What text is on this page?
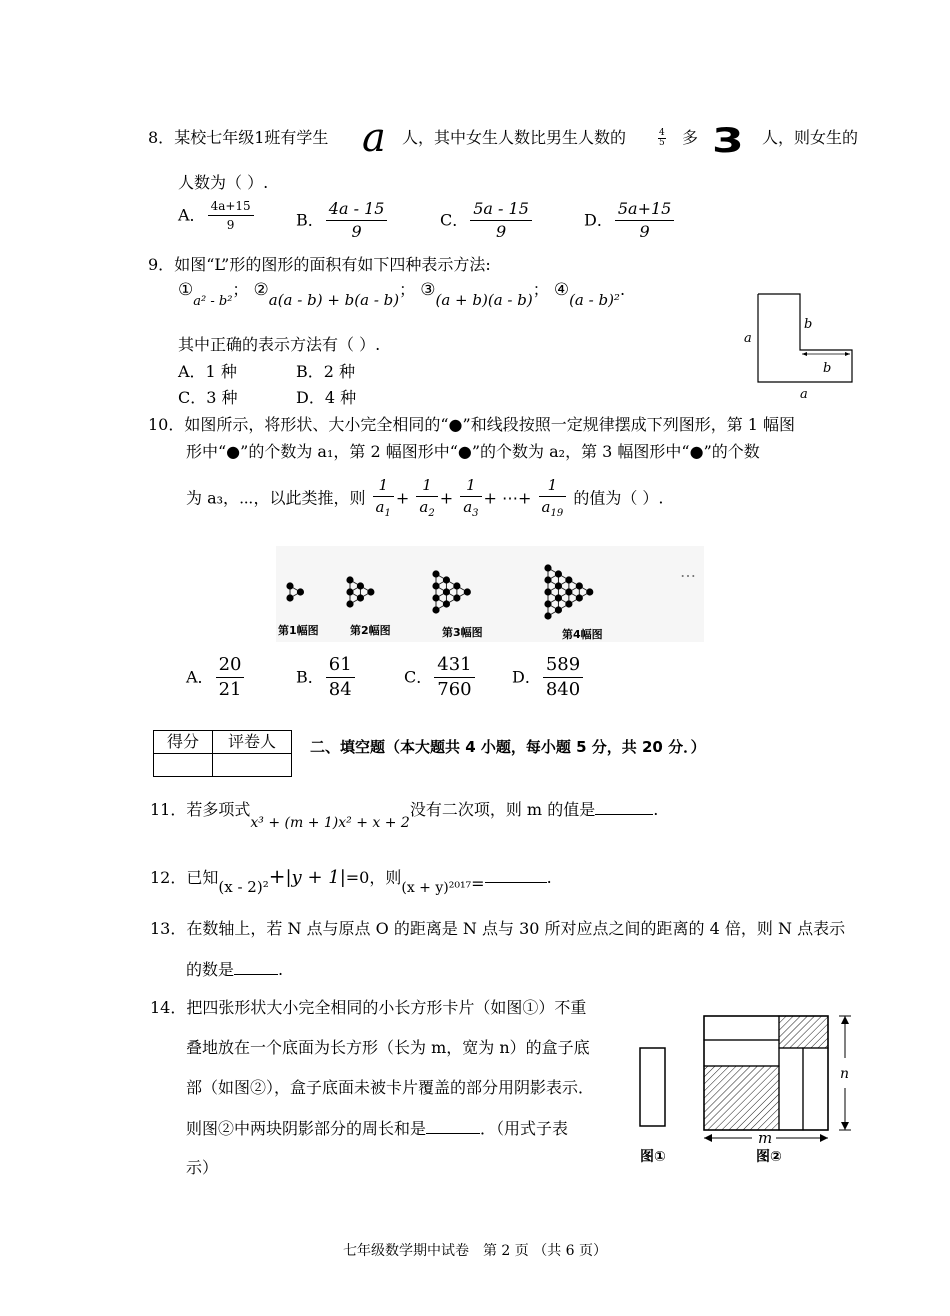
8．某校七年级1班有学生 a 人，其中女生人数比男生人数的	4
5 多 3 人，则女生的
人数为（ ）.
A． $\frac{4a+15}{9}$	B． $\frac{4a - 15}{9}$	C． $\frac{5a - 15}{9}$	D． $\frac{5a+15}{9}$
9．如图“L”形的图形的面积有如下四种表示方法:
$①_{a^2 - b^2}$； ②a(a - b) + b(a - b)； ③(a + b)(a - b)； ④(a - b)².
其中正确的表示方法有（ ）.
A．1 种	B．2 种
C．3 种	D．4 种
a
b
b
a
10．如图所示，将形状、大小完全相同的“●”和线段按照一定规律摆成下列图形，第 1 幅图
形中“●”的个数为 a₁，第 2 幅图形中“●”的个数为 a₂，第 3 幅图形中“●”的个数
为 a₃，⋯，以此类推，则 $\frac{1}{a_1} + \frac{1}{a_2} + \frac{1}{a_3}$ + ⋯+ $\frac{1}{a_{19}}$ 的值为（ ）.
第1幅图	第2幅图	第3幅图	第4幅图
⋯
A． $\frac{20}{21}$	B． $\frac{61}{84}$	C． $\frac{431}{760}$ D． $\frac{589}{840}$
得分	评卷人
	二、填空题（本大题共 4 小题，每小题 5 分，共 20 分．）
11．若多项式x³ + (m + 1)x² + x + 2没有二次项，则 m 的值是	.
12．已知(x - 2)²+|y + 1|=0，则(x + y)²⁰¹⁷=	.
13．在数轴上，若 N 点与原点 O 的距离是 N 点与 30 所对应点之间的距离的 4 倍，则 N 点表示
的数是	.
14．把四张形状大小完全相同的小长方形卡片（如图①）不重
叠地放在一个底面为长方形（长为 m，宽为 n）的盒子底
部（如图②），盒子底面未被卡片覆盖的部分用阴影表示．
则图②中两块阴影部分的周长和是	．（用式子表
示）
图①
n
m
图②
七年级数学期中试卷　第 2 页 （共 6 页）
